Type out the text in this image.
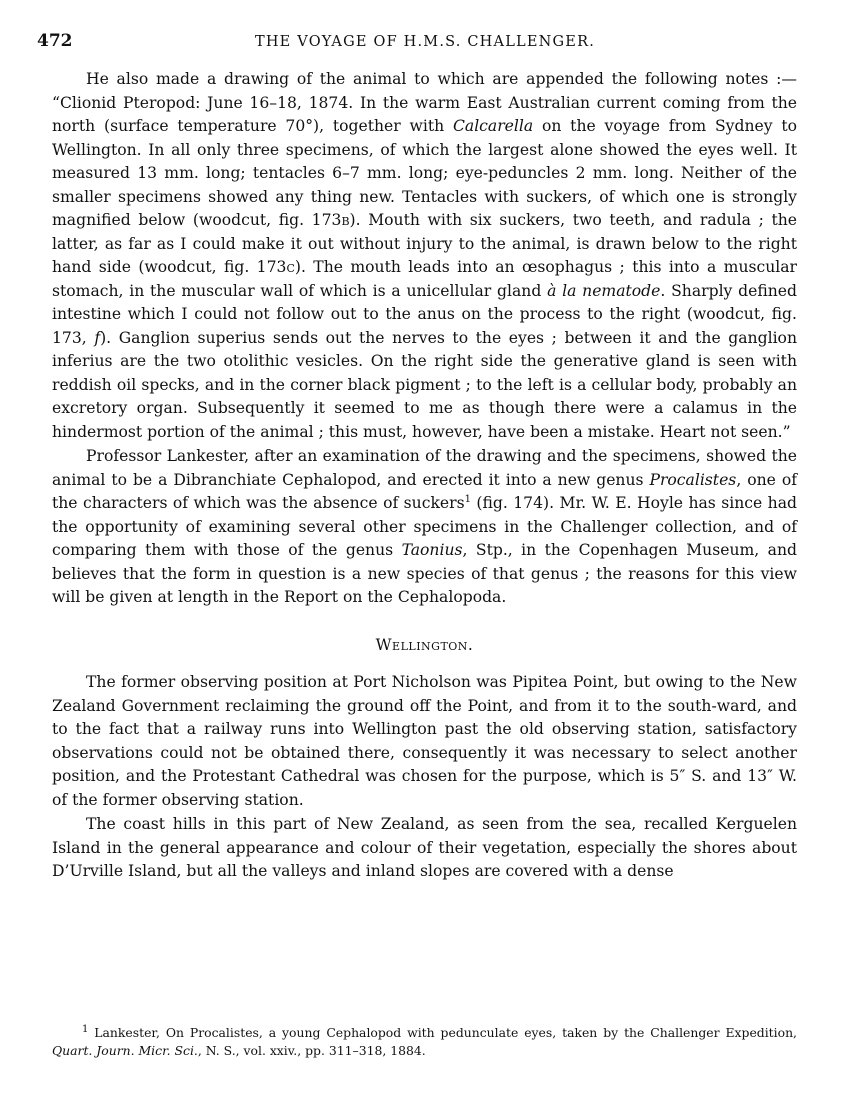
472	THE VOYAGE OF H.M.S. CHALLENGER.

He also made a drawing of the animal to which are appended the following notes :— “Clionid Pteropod: June 16–18, 1874. In the warm East Australian current coming from the north (surface temperature 70°), together with Calcarella on the voyage from Sydney to Wellington. In all only three specimens, of which the largest alone showed the eyes well. It measured 13 mm. long; tentacles 6–7 mm. long; eye-peduncles 2 mm. long. Neither of the smaller specimens showed any thing new. Tentacles with suckers, of which one is strongly magnified below (woodcut, fig. 173b). Mouth with six suckers, two teeth, and radula ; the latter, as far as I could make it out without injury to the animal, is drawn below to the right hand side (woodcut, fig. 173c). The mouth leads into an œsophagus ; this into a muscular stomach, in the muscular wall of which is a unicellular gland à la nematode. Sharply defined intestine which I could not follow out to the anus on the process to the right (woodcut, fig. 173, f). Ganglion superius sends out the nerves to the eyes ; between it and the ganglion inferius are the two otolithic vesicles. On the right side the generative gland is seen with reddish oil specks, and in the corner black pigment ; to the left is a cellular body, probably an excretory organ. Subsequently it seemed to me as though there were a calamus in the hindermost portion of the animal ; this must, however, have been a mistake. Heart not seen.”

Professor Lankester, after an examination of the drawing and the specimens, showed the animal to be a Dibranchiate Cephalopod, and erected it into a new genus Procalistes, one of the characters of which was the absence of suckers$^1$ (fig. 174). Mr. W. E. Hoyle has since had the opportunity of examining several other specimens in the Challenger collection, and of comparing them with those of the genus Taonius, Stp., in the Copenhagen Museum, and believes that the form in question is a new species of that genus ; the reasons for this view will be given at length in the Report on the Cephalopoda.

Wellington.

The former observing position at Port Nicholson was Pipitea Point, but owing to the New Zealand Government reclaiming the ground off the Point, and from it to the south-ward, and to the fact that a railway runs into Wellington past the old observing station, satisfactory observations could not be obtained there, consequently it was necessary to select another position, and the Protestant Cathedral was chosen for the purpose, which is 5″ S. and 13″ W. of the former observing station.

The coast hills in this part of New Zealand, as seen from the sea, recalled Kerguelen Island in the general appearance and colour of their vegetation, especially the shores about D’Urville Island, but all the valleys and inland slopes are covered with a dense

$^1$ Lankester, On Procalistes, a young Cephalopod with pedunculate eyes, taken by the Challenger Expedition, Quart. Journ. Micr. Sci., N. S., vol. xxiv., pp. 311–318, 1884.
